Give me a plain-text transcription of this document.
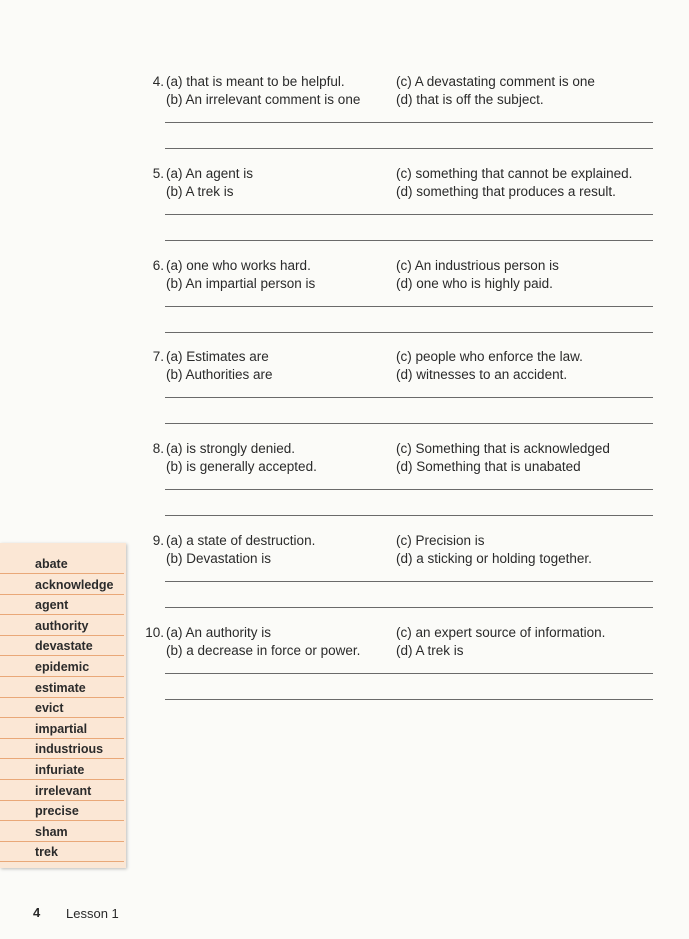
4. (a) that is meant to be helpful.
(b) An irrelevant comment is one
(c) A devastating comment is one
(d) that is off the subject.
5. (a) An agent is
(b) A trek is
(c) something that cannot be explained.
(d) something that produces a result.
6. (a) one who works hard.
(b) An impartial person is
(c) An industrious person is
(d) one who is highly paid.
7. (a) Estimates are
(b) Authorities are
(c) people who enforce the law.
(d) witnesses to an accident.
8. (a) is strongly denied.
(b) is generally accepted.
(c) Something that is acknowledged
(d) Something that is unabated
9. (a) a state of destruction.
(b) Devastation is
(c) Precision is
(d) a sticking or holding together.
10. (a) An authority is
(b) a decrease in force or power.
(c) an expert source of information.
(d) A trek is
abate
acknowledge
agent
authority
devastate
epidemic
estimate
evict
impartial
industrious
infuriate
irrelevant
precise
sham
trek
4 Lesson 1
